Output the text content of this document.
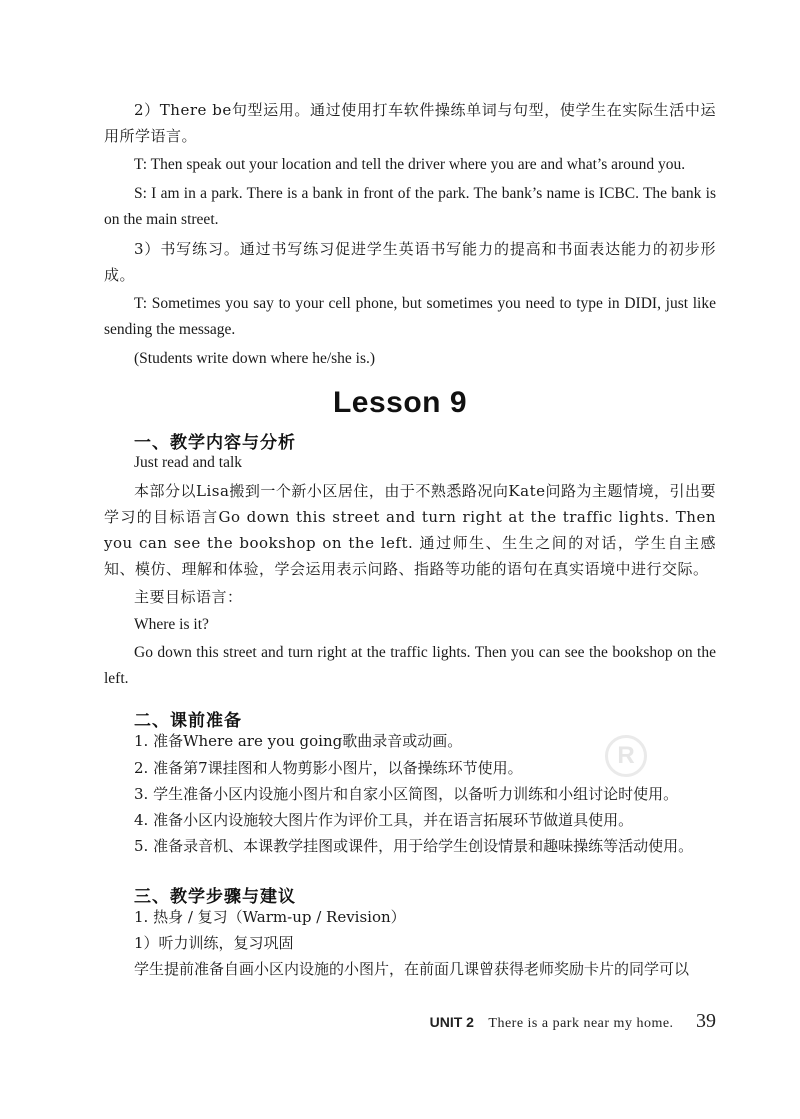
2）There be句型运用。通过使用打车软件操练单词与句型，使学生在实际生活中运用所学语言。

T: Then speak out your location and tell the driver where you are and what’s around you.

S: I am in a park. There is a bank in front of the park. The bank’s name is ICBC. The bank is on the main street.

3）书写练习。通过书写练习促进学生英语书写能力的提高和书面表达能力的初步形成。

T: Sometimes you say to your cell phone, but sometimes you need to type in DIDI, just like sending the message.

(Students write down where he/she is.)

Lesson 9
一、教学内容与分析

Just read and talk

本部分以Lisa搬到一个新小区居住，由于不熟悉路况向Kate问路为主题情境，引出要学习的目标语言Go down this street and turn right at the traffic lights. Then you can see the bookshop on the left. 通过师生、生生之间的对话，学生自主感知、模仿、理解和体验，学会运用表示问路、指路等功能的语句在真实语境中进行交际。

主要目标语言：

Where is it?

Go down this street and turn right at the traffic lights. Then you can see the bookshop on the left.

二、课前准备
1. 准备Where are you going歌曲录音或动画。
2. 准备第7课挂图和人物剪影小图片，以备操练环节使用。
3. 学生准备小区内设施小图片和自家小区简图，以备听力训练和小组讨论时使用。
4. 准备小区内设施较大图片作为评价工具，并在语言拓展环节做道具使用。
5. 准备录音机、本课教学挂图或课件，用于给学生创设情景和趣味操练等活动使用。
三、教学步骤与建议
1. 热身 / 复习（Warm-up / Revision）
1）听力训练，复习巩固
学生提前准备自画小区内设施的小图片，在前面几课曾获得老师奖励卡片的同学可以
R
UNIT 2 There is a park near my home. 39
